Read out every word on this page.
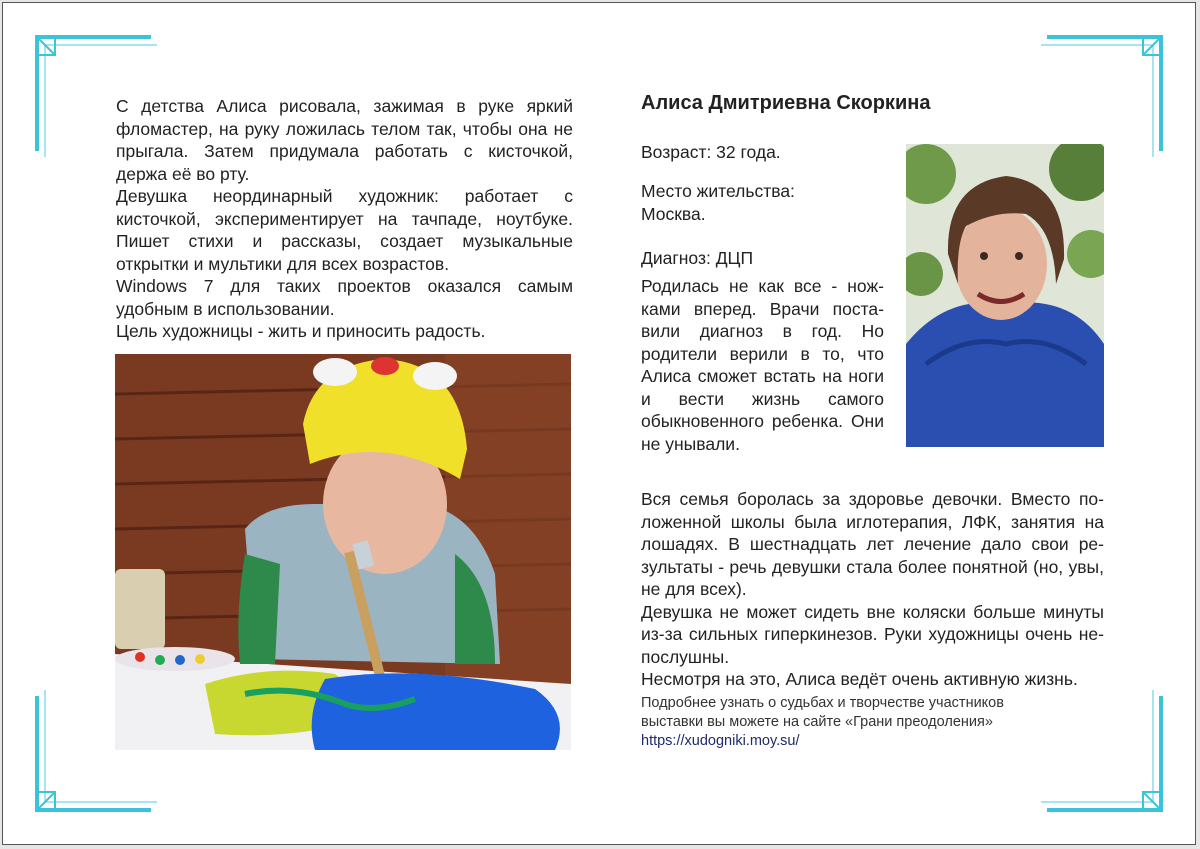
С детства Алиса рисовала, зажимая в руке яркий фломастер, на руку ложилась телом так, чтобы она не прыгала. Затем придумала работать с кисточкой, держа её во рту.

Девушка неординарный художник: работает с кисточкой, экспериментирует на тачпаде, ноутбуке. Пишет стихи и рассказы, создает музыкальные открытки и мультики для всех возрастов.

Windows 7 для таких проектов оказался самым удобным в использовании.

Цель художницы - жить и приносить радость.

Алиса Дмитриевна Скоркина
Возраст: 32 года.
Место жительства:
Москва.
Диагноз: ДЦП
Родилась не как все - ножками вперед. Врачи поставили диагноз в год. Но родители верили в то, что Алиса сможет встать на ноги и вести жизнь самого обыкновенного ребенка. Они не унывали.

Вся семья боролась за здоровье девочки. Вместо положенной школы была иглотерапия, ЛФК, занятия на лошадях. В шестнадцать лет лечение дало свои результаты - речь девушки стала более понятной (но, увы, не для всех).

Девушка не может сидеть вне коляски больше минуты из-за сильных гиперкинезов. Руки художницы очень непослушны.

Несмотря на это, Алиса ведёт очень активную жизнь.

Подробнее узнать о судьбах и творчестве участников
выставки вы можете на сайте «Грани преодоления»
https://xudogniki.moy.su/
